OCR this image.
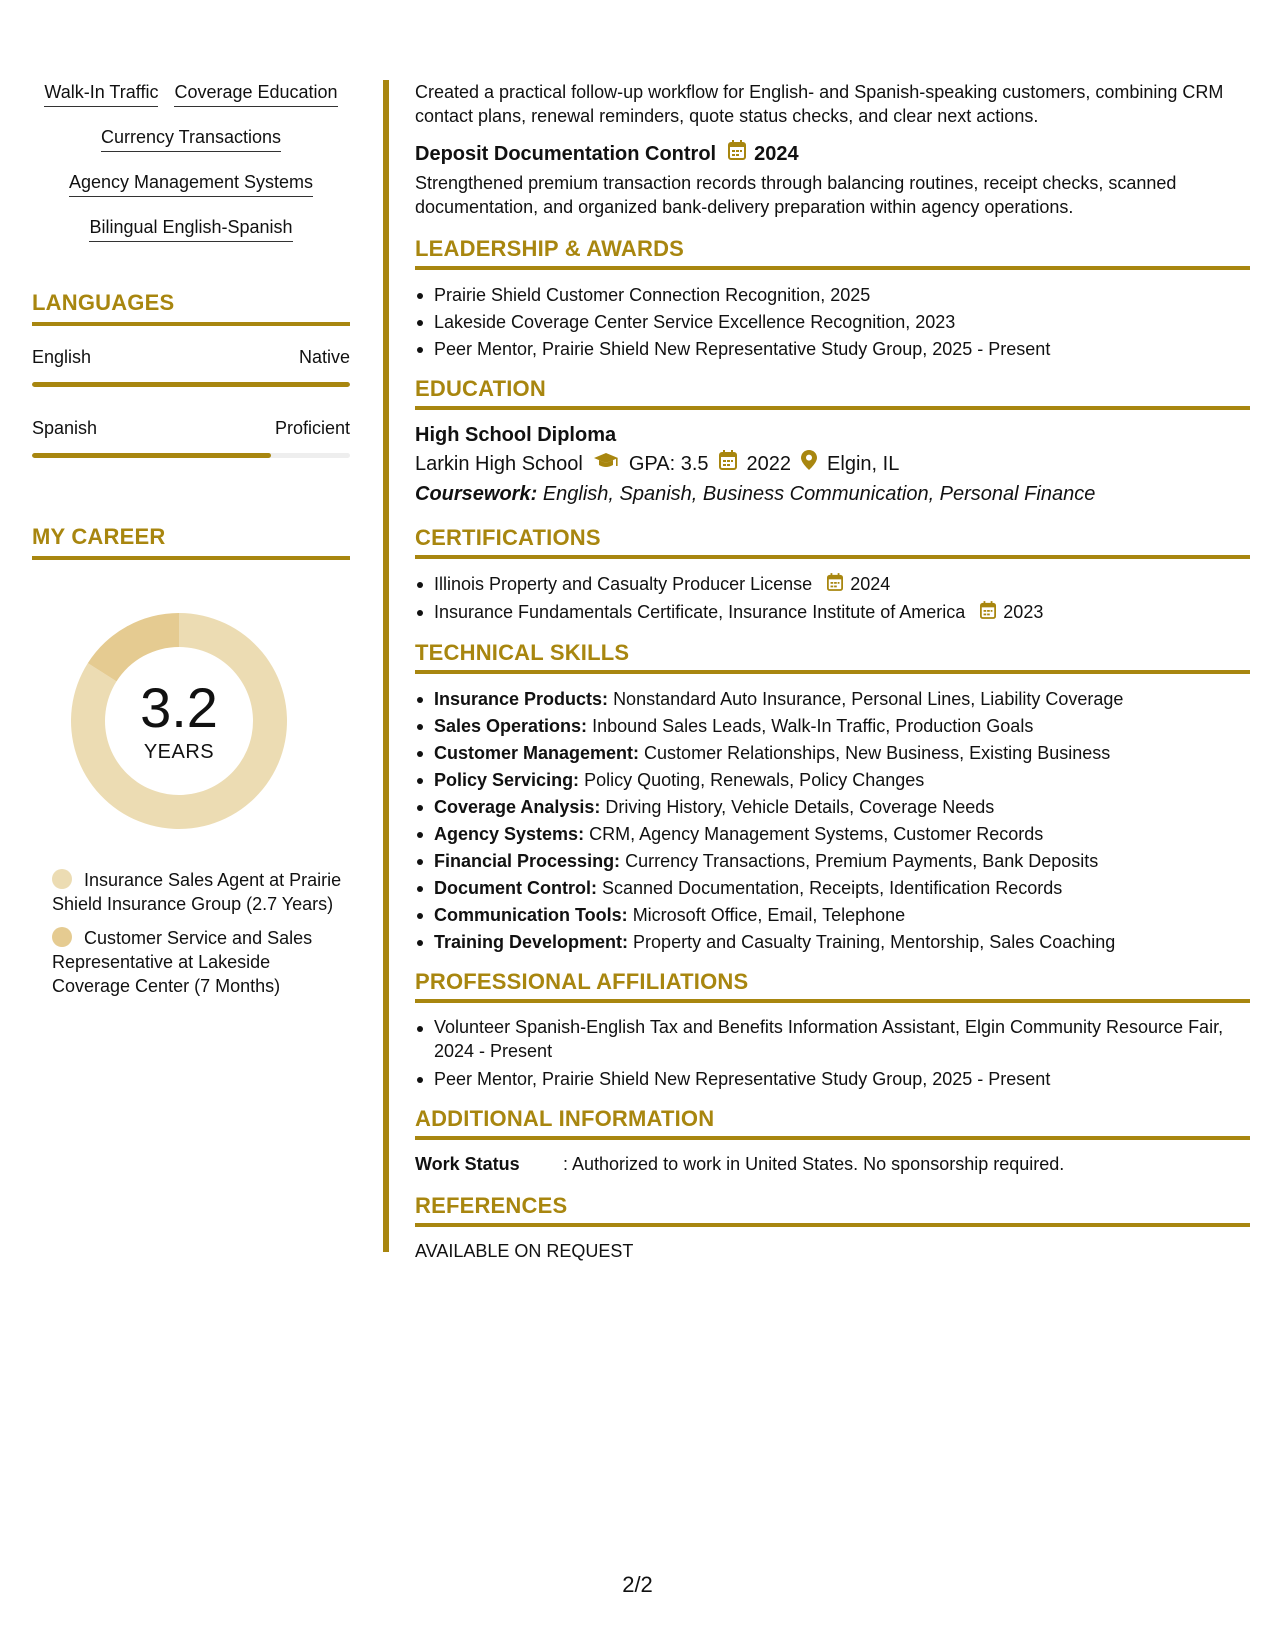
Walk-In Traffic Coverage Education
Currency Transactions
Agency Management Systems
Bilingual English-Spanish
LANGUAGES
English	Native
Spanish	Proficient
MY CAREER
3.2
YEARS
Insurance Sales Agent at Prairie Shield Insurance Group (2.7 Years)
Customer Service and Sales Representative at Lakeside Coverage Center (7 Months)

Created a practical follow-up workflow for English- and Spanish-speaking customers, combining CRM contact plans, renewal reminders, quote status checks, and clear next actions.

Deposit Documentation Control 2024

Strengthened premium transaction records through balancing routines, receipt checks, scanned documentation, and organized bank-delivery preparation within agency operations.

LEADERSHIP & AWARDS
Prairie Shield Customer Connection Recognition, 2025
Lakeside Coverage Center Service Excellence Recognition, 2023
Peer Mentor, Prairie Shield New Representative Study Group, 2025 - Present
EDUCATION
High School Diploma
Larkin High School GPA: 3.5 2022 Elgin, IL
Coursework: English, Spanish, Business Communication, Personal Finance
CERTIFICATIONS
Illinois Property and Casualty Producer License 2024
Insurance Fundamentals Certificate, Insurance Institute of America 2023
TECHNICAL SKILLS
Insurance Products: Nonstandard Auto Insurance, Personal Lines, Liability Coverage
Sales Operations: Inbound Sales Leads, Walk-In Traffic, Production Goals
Customer Management: Customer Relationships, New Business, Existing Business
Policy Servicing: Policy Quoting, Renewals, Policy Changes
Coverage Analysis: Driving History, Vehicle Details, Coverage Needs
Agency Systems: CRM, Agency Management Systems, Customer Records
Financial Processing: Currency Transactions, Premium Payments, Bank Deposits
Document Control: Scanned Documentation, Receipts, Identification Records
Communication Tools: Microsoft Office, Email, Telephone
Training Development: Property and Casualty Training, Mentorship, Sales Coaching
PROFESSIONAL AFFILIATIONS
Volunteer Spanish-English Tax and Benefits Information Assistant, Elgin Community Resource Fair, 2024 - Present
Peer Mentor, Prairie Shield New Representative Study Group, 2025 - Present
ADDITIONAL INFORMATION
Work Status	: Authorized to work in United States. No sponsorship required.
REFERENCES

AVAILABLE ON REQUEST

2/2
